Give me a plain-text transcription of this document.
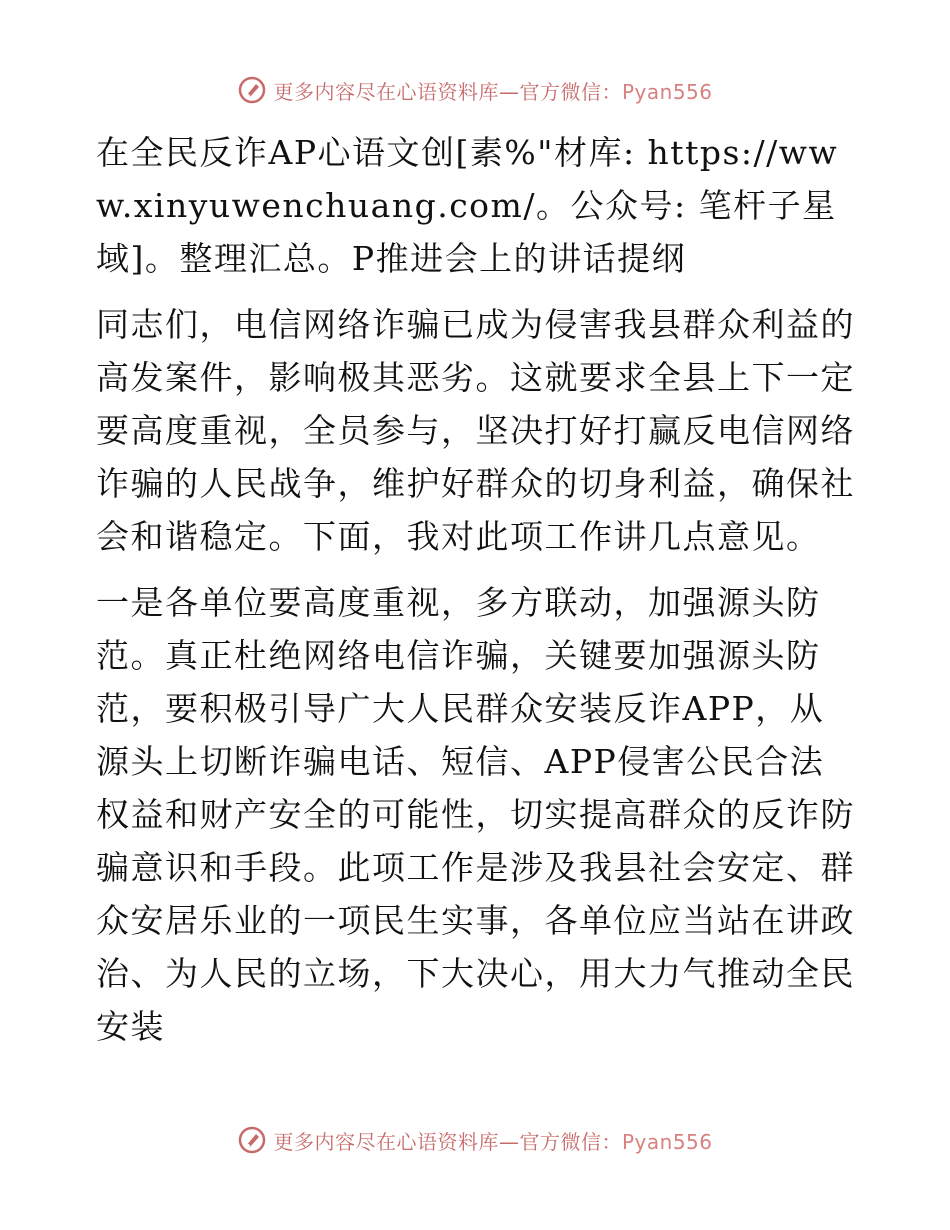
更多内容尽在心语资料库—官方微信：Pyan556

在全民反诈AP心语文创[素%"材库: https://www.xinyuwenchuang.com/。公众号: 笔杆子星域]。整理汇总。P推进会上的讲话提纲

同志们，电信网络诈骗已成为侵害我县群众利益的高发案件，影响极其恶劣。这就要求全县上下一定要高度重视，全员参与，坚决打好打赢反电信网络诈骗的人民战争，维护好群众的切身利益，确保社会和谐稳定。下面，我对此项工作讲几点意见。

一是各单位要高度重视，多方联动，加强源头防范。真正杜绝网络电信诈骗，关键要加强源头防范，要积极引导广大人民群众安装反诈APP，从源头上切断诈骗电话、短信、APP侵害公民合法权益和财产安全的可能性，切实提高群众的反诈防骗意识和手段。此项工作是涉及我县社会安定、群众安居乐业的一项民生实事，各单位应当站在讲政治、为人民的立场，下大决心，用大力气推动全民安装

更多内容尽在心语资料库—官方微信：Pyan556
